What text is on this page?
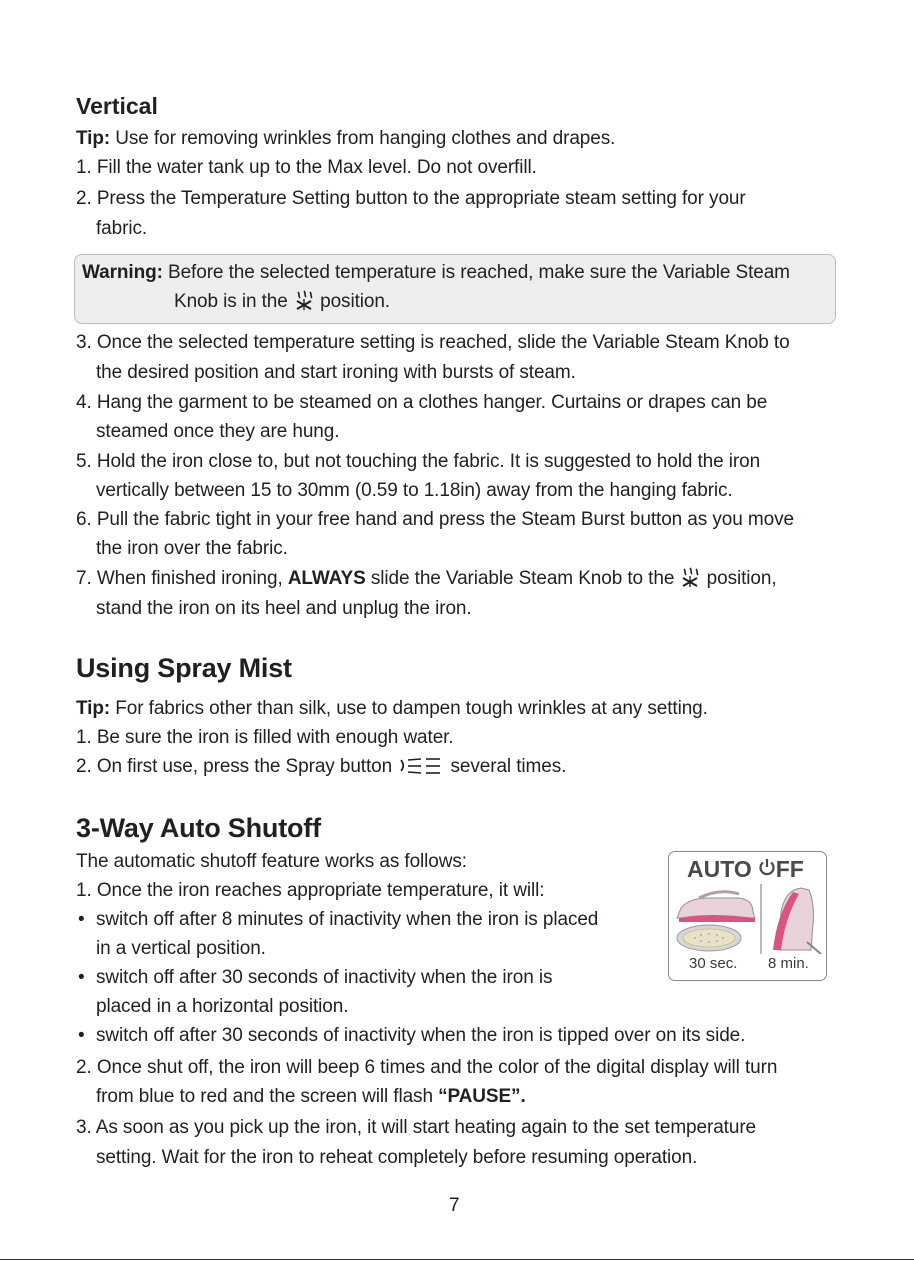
Vertical
Tip: Use for removing wrinkles from hanging clothes and drapes.
1. Fill the water tank up to the Max level. Do not overfill.
2. Press the Temperature Setting button to the appropriate steam setting for your
fabric.
Warning: Before the selected temperature is reached, make sure the Variable Steam
Knob is in the position.
3. Once the selected temperature setting is reached, slide the Variable Steam Knob to
the desired position and start ironing with bursts of steam.
4. Hang the garment to be steamed on a clothes hanger. Curtains or drapes can be
steamed once they are hung.
5. Hold the iron close to, but not touching the fabric. It is suggested to hold the iron
vertically between 15 to 30mm (0.59 to 1.18in) away from the hanging fabric.
6. Pull the fabric tight in your free hand and press the Steam Burst button as you move
the iron over the fabric.
7. When finished ironing, ALWAYS slide the Variable Steam Knob to the position,
stand the iron on its heel and unplug the iron.
Using Spray Mist
Tip: For fabrics other than silk, use to dampen tough wrinkles at any setting.
1. Be sure the iron is filled with enough water.
2. On first use, press the Spray button	several times.
3-Way Auto Shutoff
The automatic shutoff feature works as follows:
1. Once the iron reaches appropriate temperature, it will:
• switch off after 8 minutes of inactivity when the iron is placed
in a vertical position.
• switch off after 30 seconds of inactivity when the iron is
placed in a horizontal position.
• switch off after 30 seconds of inactivity when the iron is tipped over on its side.
2. Once shut off, the iron will beep 6 times and the color of the digital display will turn
from blue to red and the screen will flash “PAUSE”.
3. As soon as you pick up the iron, it will start heating again to the set temperature
setting. Wait for the iron to reheat completely before resuming operation.
AUTO FF
30 sec. 8 min.
7
